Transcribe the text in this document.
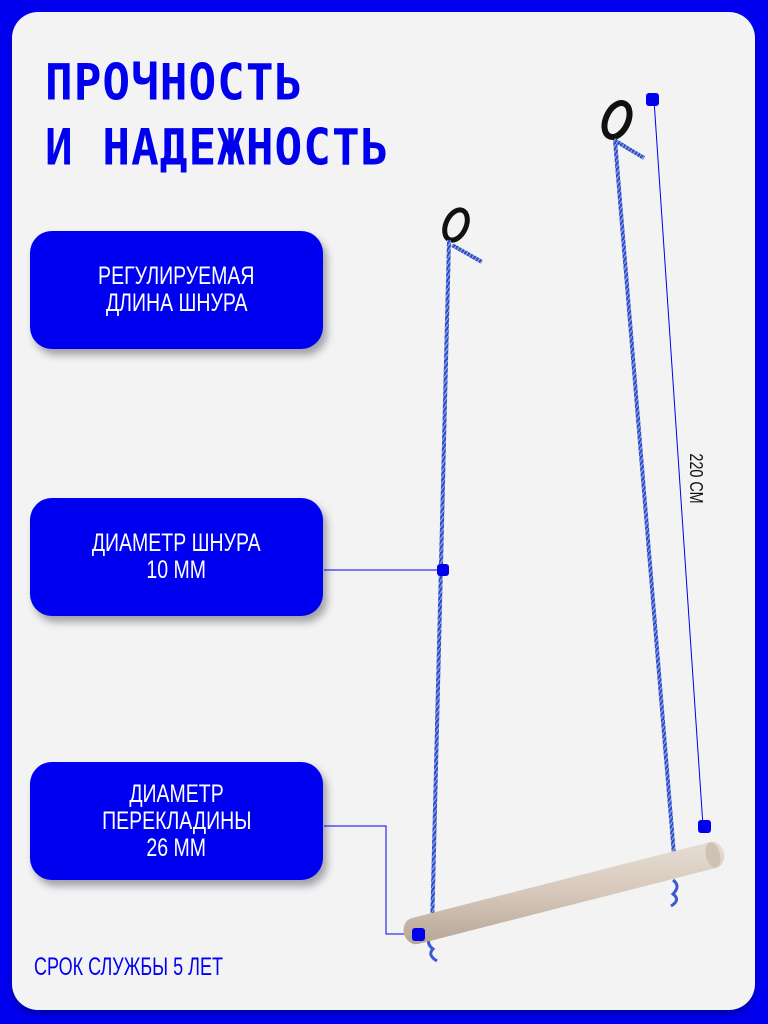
ПРОЧНОСТЬ
И НАДЕЖНОСТЬ
РЕГУЛИРУЕМАЯ
ДЛИНА ШНУРА
ДИАМЕТР ШНУРА
10 ММ
ДИАМЕТР
ПЕРЕКЛАДИНЫ
26 ММ
220 СМ
СРОК СЛУЖБЫ 5 ЛЕТ
